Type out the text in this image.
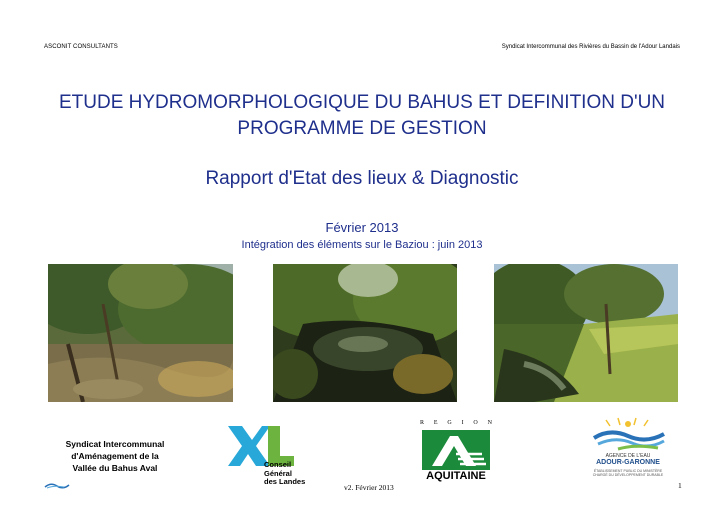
ASCONIT CONSULTANTS	Syndicat Intercommunal des Rivières du Bassin de l'Adour Landais
ETUDE HYDROMORPHOLOGIQUE DU BAHUS ET DEFINITION D'UN PROGRAMME DE GESTION
Rapport d'Etat des lieux & Diagnostic
Février 2013
Intégration des éléments sur le Baziou : juin 2013
Syndicat Intercommunal
d'Aménagement de la
Vallée du Bahus Aval	Conseil
Général
des Landes
R E G I O N
AQUITAINE
AGENCE DE L'EAU
ADOUR-GARONNE
ÉTABLISSEMENT PUBLIC DU MINISTÈRE CHARGÉ DU DÉVELOPPEMENT DURABLE
v2. Février 2013	1
